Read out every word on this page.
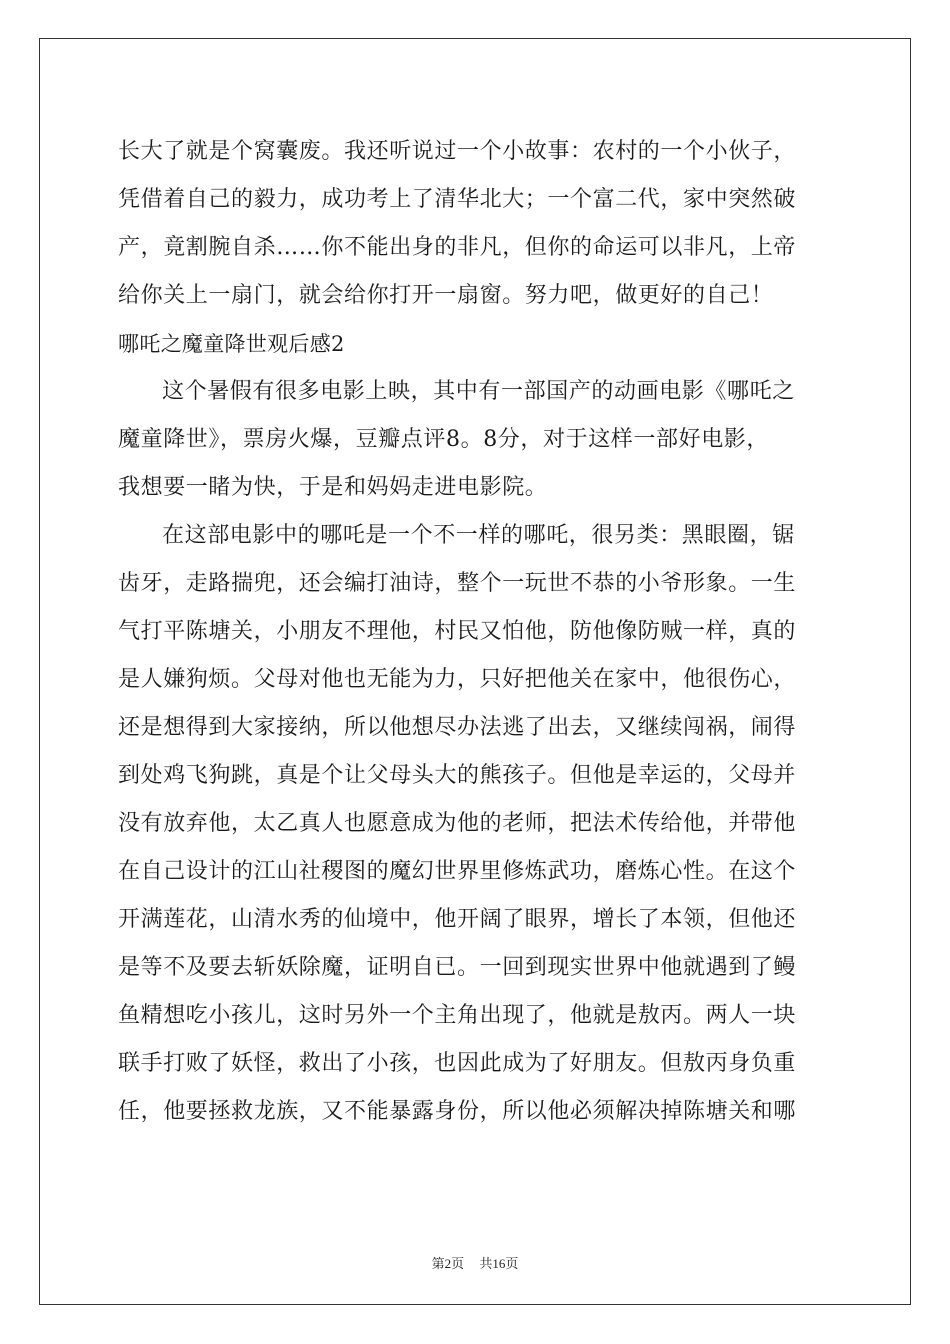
长大了就是个窝囊废。我还听说过一个小故事：农村的一个小伙子，
凭借着自己的毅力，成功考上了清华北大；一个富二代，家中突然破
产，竟割腕自杀……你不能出身的非凡，但你的命运可以非凡，上帝
给你关上一扇门，就会给你打开一扇窗。努力吧，做更好的自己！
哪吒之魔童降世观后感2
这个暑假有很多电影上映，其中有一部国产的动画电影《哪吒之
魔童降世》，票房火爆，豆瓣点评8。8分，对于这样一部好电影，
我想要一睹为快，于是和妈妈走进电影院。
在这部电影中的哪吒是一个不一样的哪吒，很另类：黑眼圈，锯
齿牙，走路揣兜，还会编打油诗，整个一玩世不恭的小爷形象。一生
气打平陈塘关，小朋友不理他，村民又怕他，防他像防贼一样，真的
是人嫌狗烦。父母对他也无能为力，只好把他关在家中，他很伤心，
还是想得到大家接纳，所以他想尽办法逃了出去，又继续闯祸，闹得
到处鸡飞狗跳，真是个让父母头大的熊孩子。但他是幸运的，父母并
没有放弃他，太乙真人也愿意成为他的老师，把法术传给他，并带他
在自己设计的江山社稷图的魔幻世界里修炼武功，磨炼心性。在这个
开满莲花，山清水秀的仙境中，他开阔了眼界，增长了本领，但他还
是等不及要去斩妖除魔，证明自已。一回到现实世界中他就遇到了鳗
鱼精想吃小孩儿，这时另外一个主角出现了，他就是敖丙。两人一块
联手打败了妖怪，救出了小孩，也因此成为了好朋友。但敖丙身负重
任，他要拯救龙族，又不能暴露身份，所以他必须解决掉陈塘关和哪
第2页 共16页
